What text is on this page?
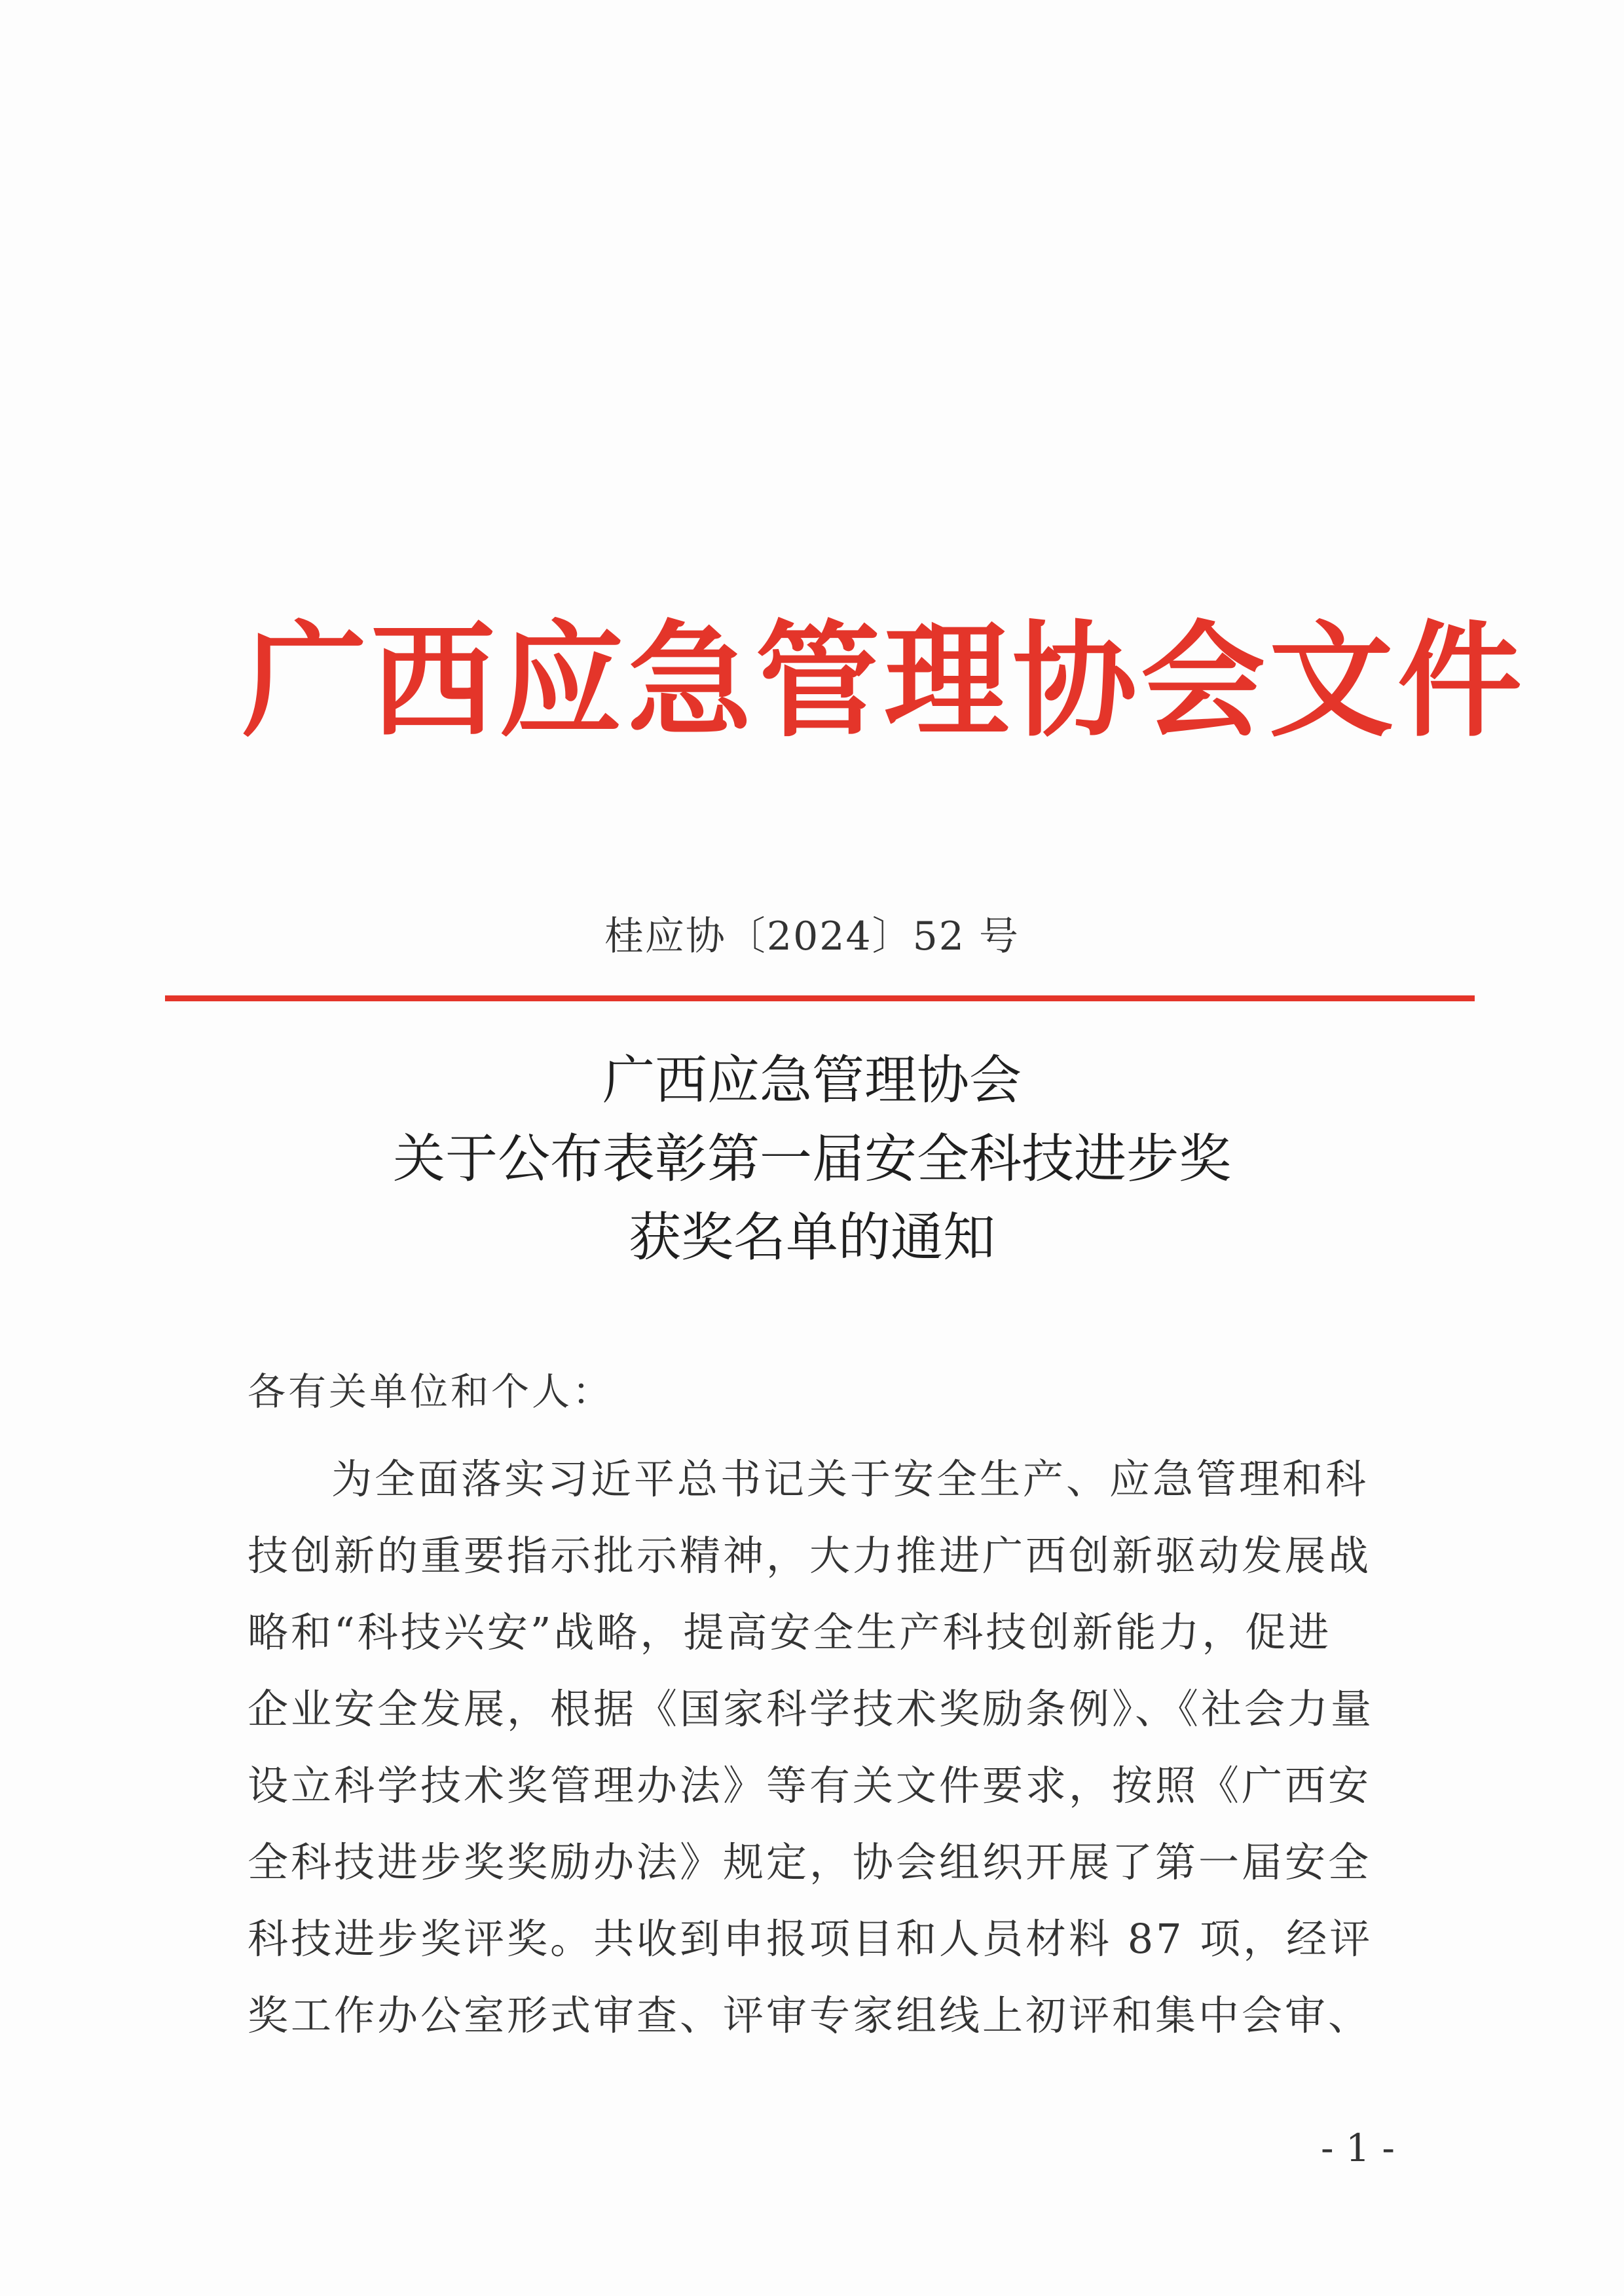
广西应急管理协会文件
桂应协〔2024〕52 号
广西应急管理协会
关于公布表彰第一届安全科技进步奖
获奖名单的通知
各有关单位和个人：
为全面落实习近平总书记关于安全生产、应急管理和科
技创新的重要指示批示精神，大力推进广西创新驱动发展战
略和“科技兴安”战略，提高安全生产科技创新能力，促进
企业安全发展，根据《国家科学技术奖励条例》、《社会力量
设立科学技术奖管理办法》等有关文件要求，按照《广西安
全科技进步奖奖励办法》规定，协会组织开展了第一届安全
科技进步奖评奖。共收到申报项目和人员材料 87 项，经评
奖工作办公室形式审查、评审专家组线上初评和集中会审、
- 1 -
